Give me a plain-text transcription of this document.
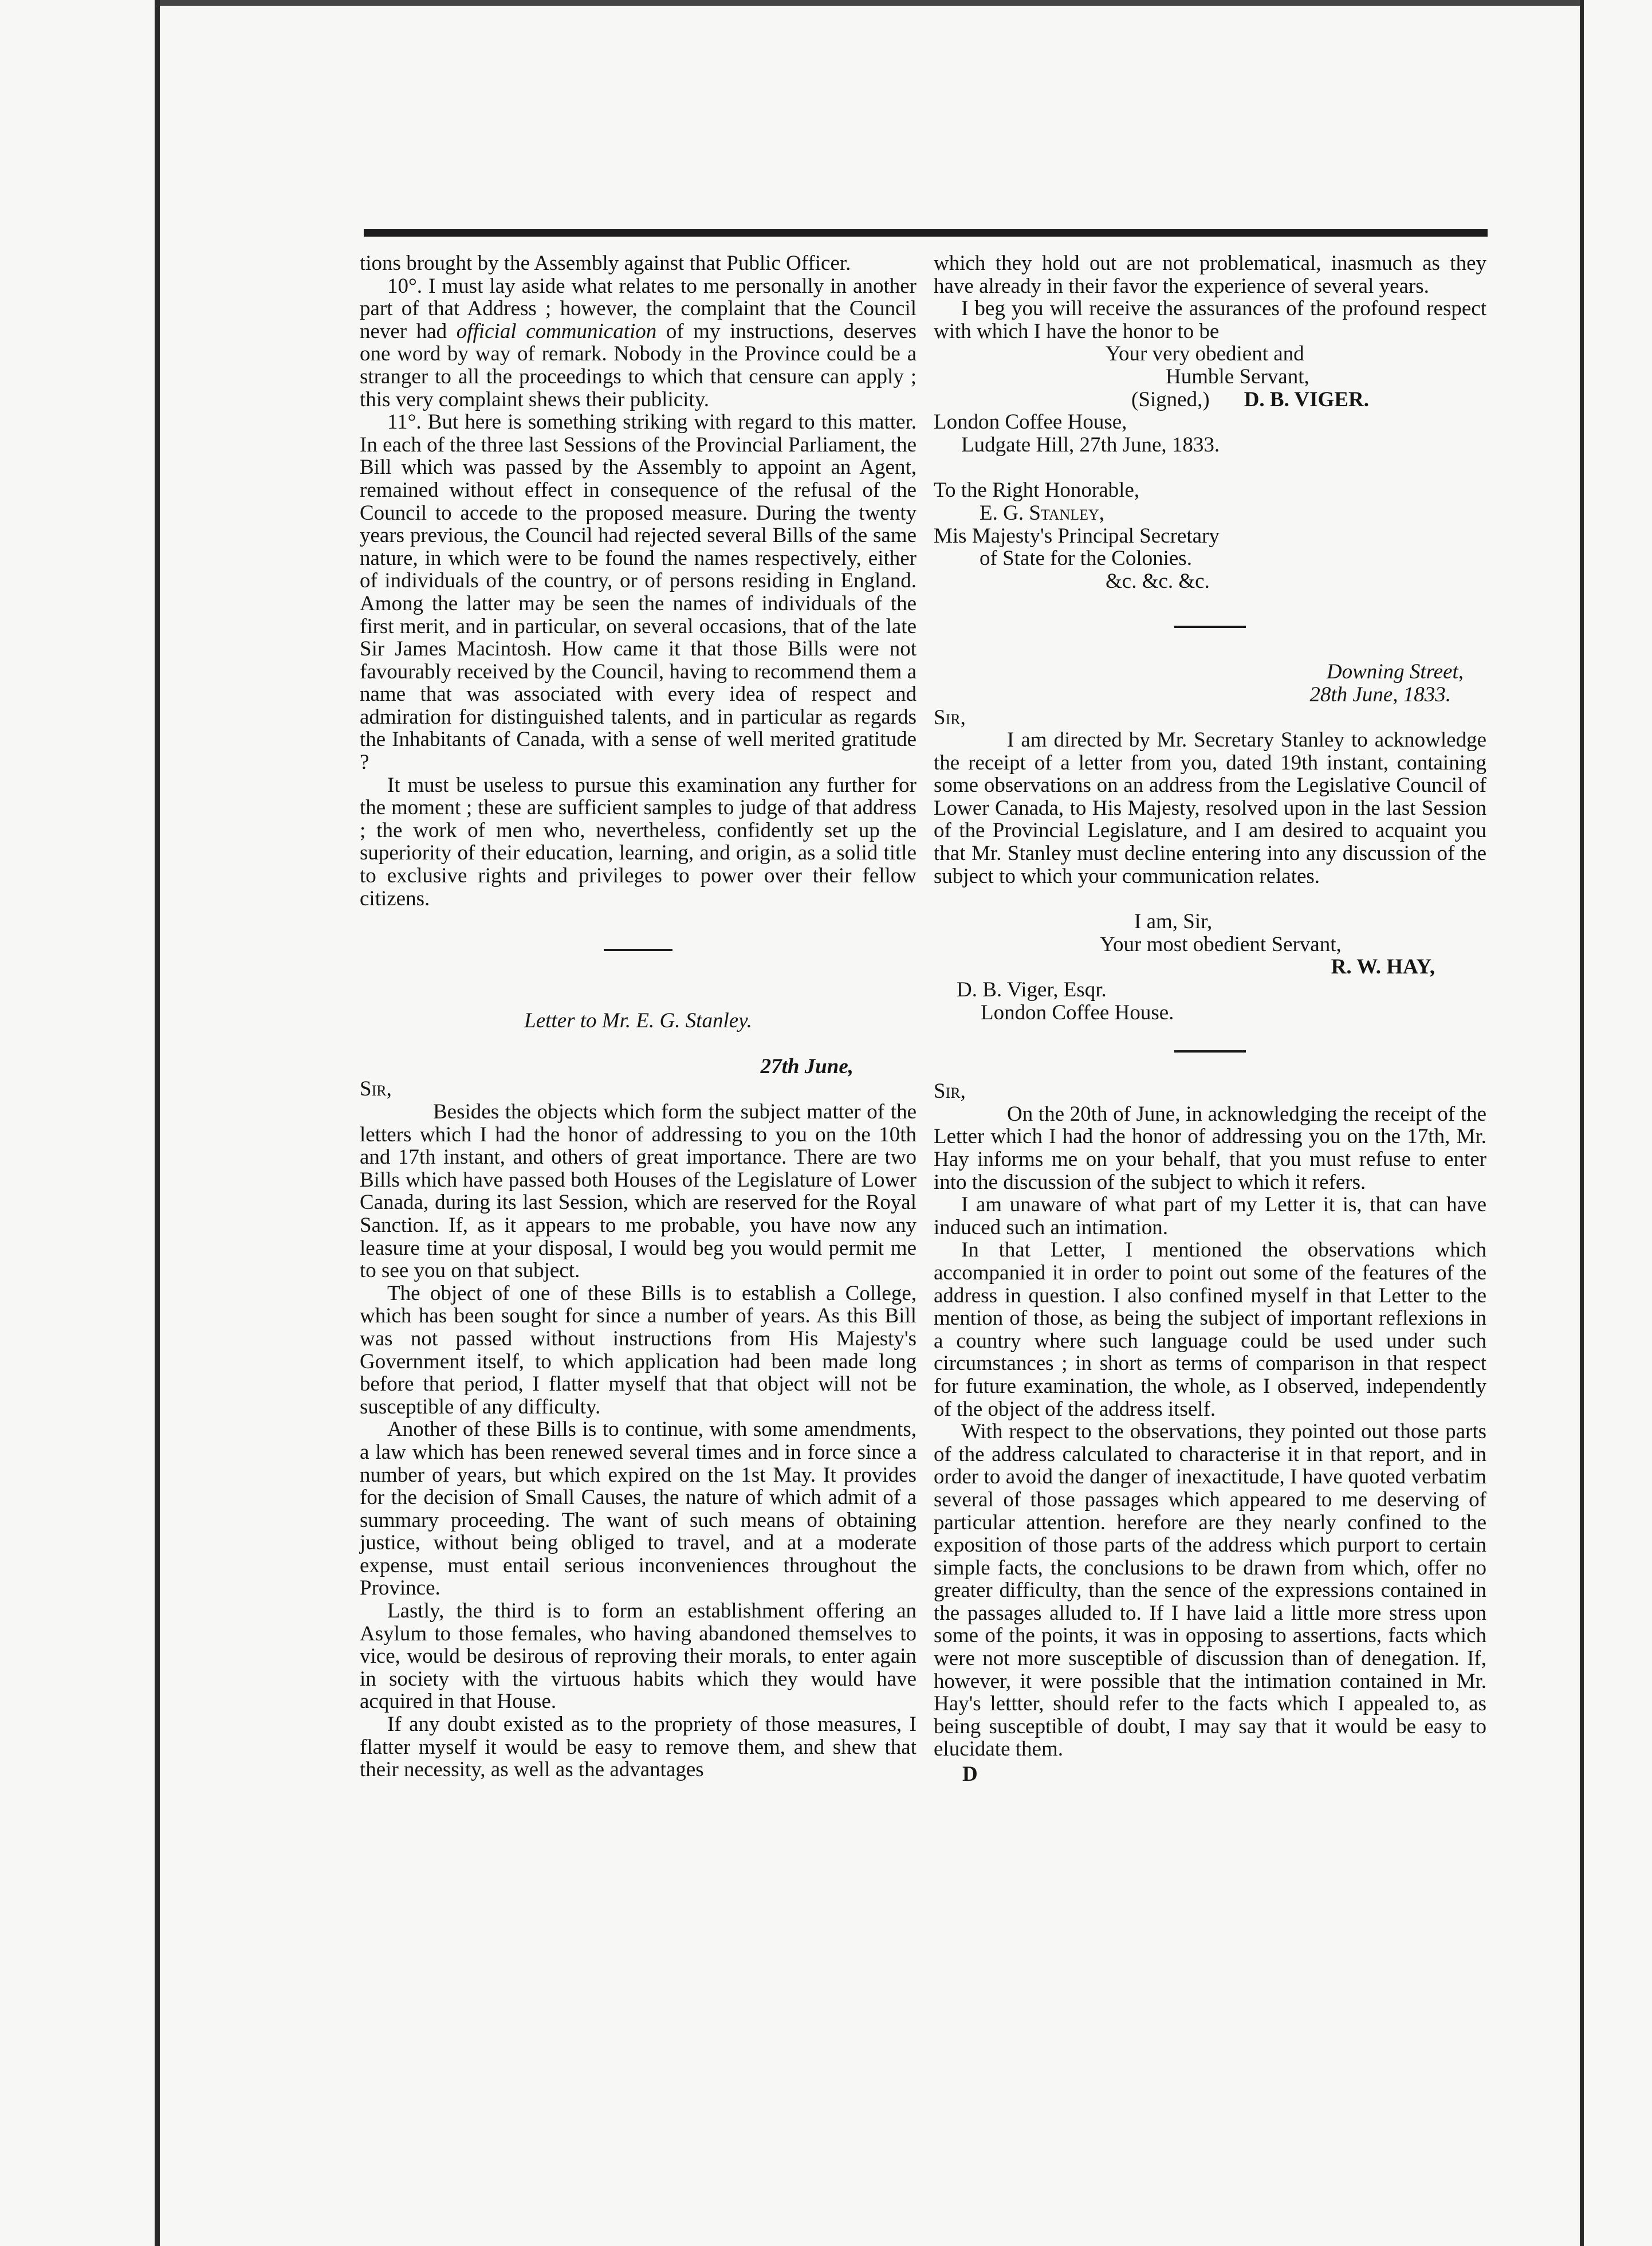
tions brought by the Assembly against that Public Officer.

10°. I must lay aside what relates to me personally in another part of that Address ; however, the complaint that the Council never had official communication of my instructions, deserves one word by way of remark. Nobody in the Province could be a stranger to all the proceedings to which that censure can apply ; this very complaint shews their publicity.

11°. But here is something striking with regard to this matter. In each of the three last Sessions of the Provincial Parliament, the Bill which was passed by the Assembly to appoint an Agent, remained without effect in consequence of the refusal of the Council to accede to the proposed measure. During the twenty years previous, the Council had rejected several Bills of the same nature, in which were to be found the names respectively, either of individuals of the country, or of persons residing in England. Among the latter may be seen the names of individuals of the first merit, and in particular, on several occasions, that of the late Sir James Macintosh. How came it that those Bills were not favourably received by the Council, having to recommend them a name that was associated with every idea of respect and admiration for distinguished talents, and in particular as regards the Inhabitants of Canada, with a sense of well merited gratitude ?

It must be useless to pursue this examination any further for the moment ; these are sufficient samples to judge of that address ; the work of men who, nevertheless, confidently set up the superiority of their education, learning, and origin, as a solid title to exclusive rights and privileges to power over their fellow citizens.

Letter to Mr. E. G. Stanley.

27th June,

Sir,

Besides the objects which form the subject matter of the letters which I had the honor of addressing to you on the 10th and 17th instant, and others of great importance. There are two Bills which have passed both Houses of the Legislature of Lower Canada, during its last Session, which are reserved for the Royal Sanction. If, as it appears to me probable, you have now any leasure time at your disposal, I would beg you would permit me to see you on that subject.

The object of one of these Bills is to establish a College, which has been sought for since a number of years. As this Bill was not passed without instructions from His Majesty's Government itself, to which application had been made long before that period, I flatter myself that that object will not be susceptible of any difficulty.

Another of these Bills is to continue, with some amendments, a law which has been renewed several times and in force since a number of years, but which expired on the 1st May. It provides for the decision of Small Causes, the nature of which admit of a summary proceeding. The want of such means of obtaining justice, without being obliged to travel, and at a moderate expense, must entail serious inconveniences throughout the Province.

Lastly, the third is to form an establishment offering an Asylum to those females, who having abandoned themselves to vice, would be desirous of reproving their morals, to enter again in society with the virtuous habits which they would have acquired in that House.

If any doubt existed as to the propriety of those measures, I flatter myself it would be easy to remove them, and shew that their necessity, as well as the advantages

which they hold out are not problematical, inasmuch as they have already in their favor the experience of several years.

I beg you will receive the assurances of the profound respect with which I have the honor to be

Your very obedient and

Humble Servant,

(Signed,) D. B. VIGER.

London Coffee House,

Ludgate Hill, 27th June, 1833.

To the Right Honorable,

E. G. Stanley,

Mis Majesty's Principal Secretary

of State for the Colonies.

&c. &c. &c.

Downing Street,

28th June, 1833.

Sir,

I am directed by Mr. Secretary Stanley to acknowledge the receipt of a letter from you, dated 19th instant, containing some observations on an address from the Legislative Council of Lower Canada, to His Majesty, resolved upon in the last Session of the Provincial Legislature, and I am desired to acquaint you that Mr. Stanley must decline entering into any discussion of the subject to which your communication relates.

I am, Sir,

Your most obedient Servant,

R. W. HAY,

D. B. Viger, Esqr.

London Coffee House.

Sir,

On the 20th of June, in acknowledging the receipt of the Letter which I had the honor of addressing you on the 17th, Mr. Hay informs me on your behalf, that you must refuse to enter into the discussion of the subject to which it refers.

I am unaware of what part of my Letter it is, that can have induced such an intimation.

In that Letter, I mentioned the observations which accompanied it in order to point out some of the features of the address in question. I also confined myself in that Letter to the mention of those, as being the subject of important reflexions in a country where such language could be used under such circumstances ; in short as terms of comparison in that respect for future examination, the whole, as I observed, independently of the object of the address itself.

With respect to the observations, they pointed out those parts of the address calculated to characterise it in that report, and in order to avoid the danger of inexactitude, I have quoted verbatim several of those passages which appeared to me deserving of particular attention. herefore are they nearly confined to the exposition of those parts of the address which purport to certain simple facts, the conclusions to be drawn from which, offer no greater difficulty, than the sence of the expressions contained in the passages alluded to. If I have laid a little more stress upon some of the points, it was in opposing to assertions, facts which were not more susceptible of discussion than of denegation. If, however, it were possible that the intimation contained in Mr. Hay's lettter, should refer to the facts which I appealed to, as being susceptible of doubt, I may say that it would be easy to elucidate them.

D
